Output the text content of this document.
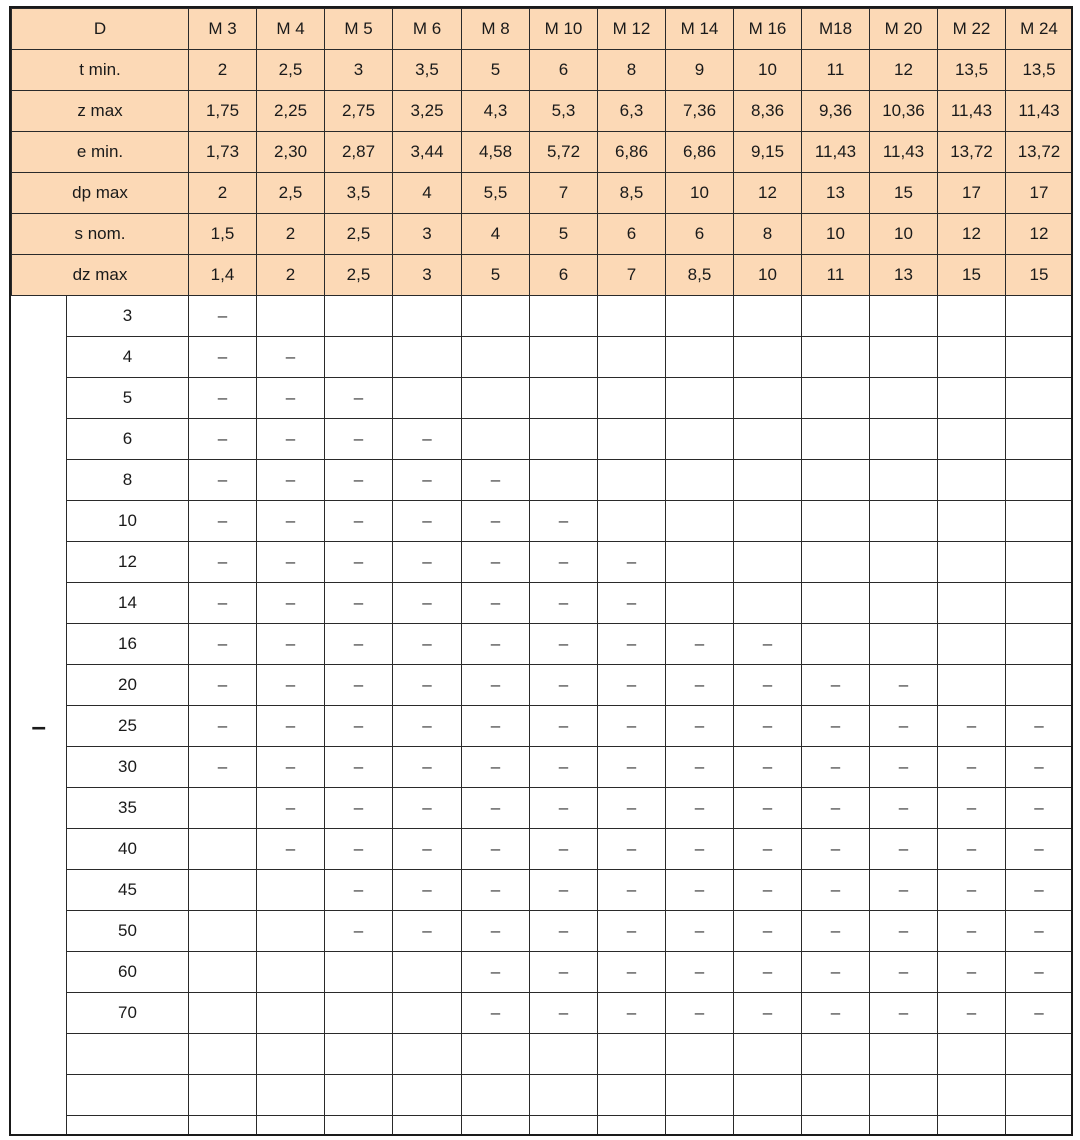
D		M 3	M 4	M 5	M 6	M 8	M 10	M 12	M 14	M 16	M18	M 20	M 22	M 24
t min.		2	2,5	3	3,5	5	6	8	9	10	11	12	13,5	13,5
z max		1,75	2,25	2,75	3,25	4,3	5,3	6,3	7,36	8,36	9,36	10,36	11,43	11,43
e min.		1,73	2,30	2,87	3,44	4,58	5,72	6,86	6,86	9,15	11,43	11,43	13,72	13,72
dp max		2	2,5	3,5	4	5,5	7	8,5	10	12	13	15	17	17
s nom.		1,5	2	2,5	3	4	5	6	6	8	10	10	12	12
dz max		1,4	2	2,5	3	5	6	7	8,5	10	11	13	15	15
–	3	–												
	4	–	–											
	5	–	–	–										
	6	–	–	–	–									
	8	–	–	–	–	–								
	10	–	–	–	–	–	–							
	12	–	–	–	–	–	–	–						
	14	–	–	–	–	–	–	–						
	16	–	–	–	–	–	–	–	–	–				
	20	–	–	–	–	–	–	–	–	–	–	–		
	25	–	–	–	–	–	–	–	–	–	–	–	–	–
	30	–	–	–	–	–	–	–	–	–	–	–	–	–
	35		–	–	–	–	–	–	–	–	–	–	–	–
	40		–	–	–	–	–	–	–	–	–	–	–	–
	45			–	–	–	–	–	–	–	–	–	–	–
	50			–	–	–	–	–	–	–	–	–	–	–
	60					–	–	–	–	–	–	–	–	–
	70					–	–	–	–	–	–	–	–	–
